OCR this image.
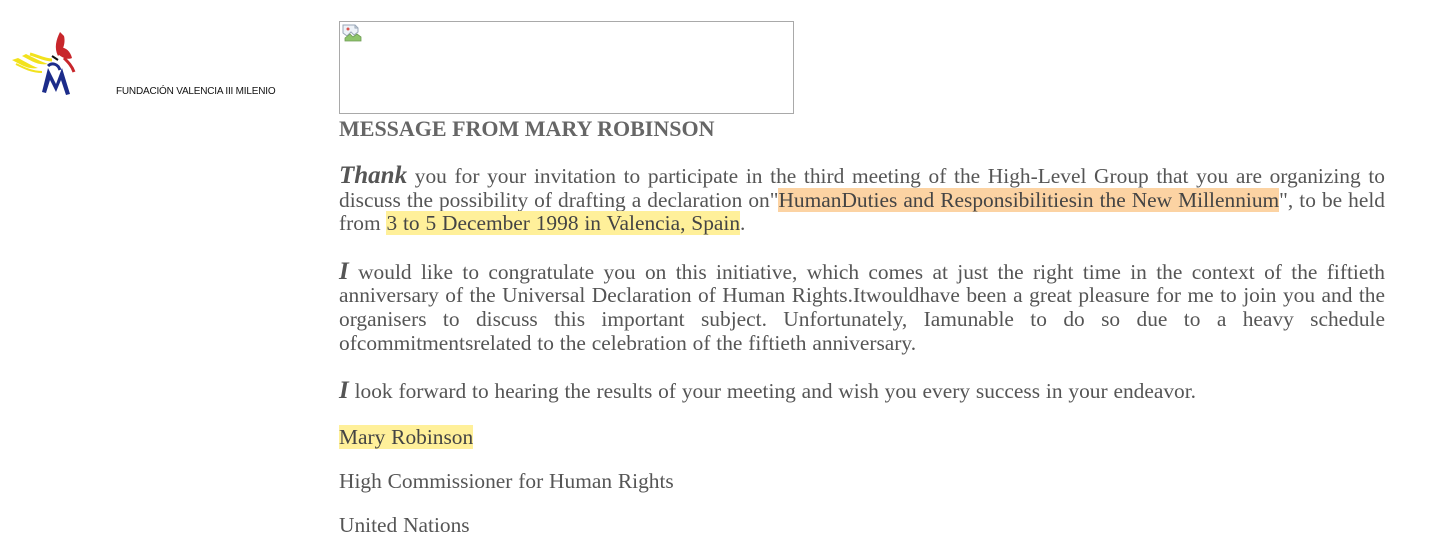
FUNDACIÓN VALENCIA III MILENIO
MESSAGE FROM MARY ROBINSON

Thank you for your invitation to participate in the third meeting of the High-Level Group that you are organizing to discuss the possibility of drafting a declaration on"HumanDuties and Responsibilitiesin the New Millennium", to be held from 3 to 5 December 1998 in Valencia, Spain.

I would like to congratulate you on this initiative, which comes at just the right time in the context of the fiftieth anniversary of the Universal Declaration of Human Rights.Itwouldhave been a great pleasure for me to join you and the organisers to discuss this important subject. Unfortunately, Iamunable to do so due to a heavy schedule ofcommitmentsrelated to the celebration of the fiftieth anniversary.

I look forward to hearing the results of your meeting and wish you every success in your endeavor.

Mary Robinson

High Commissioner for Human Rights

United Nations
